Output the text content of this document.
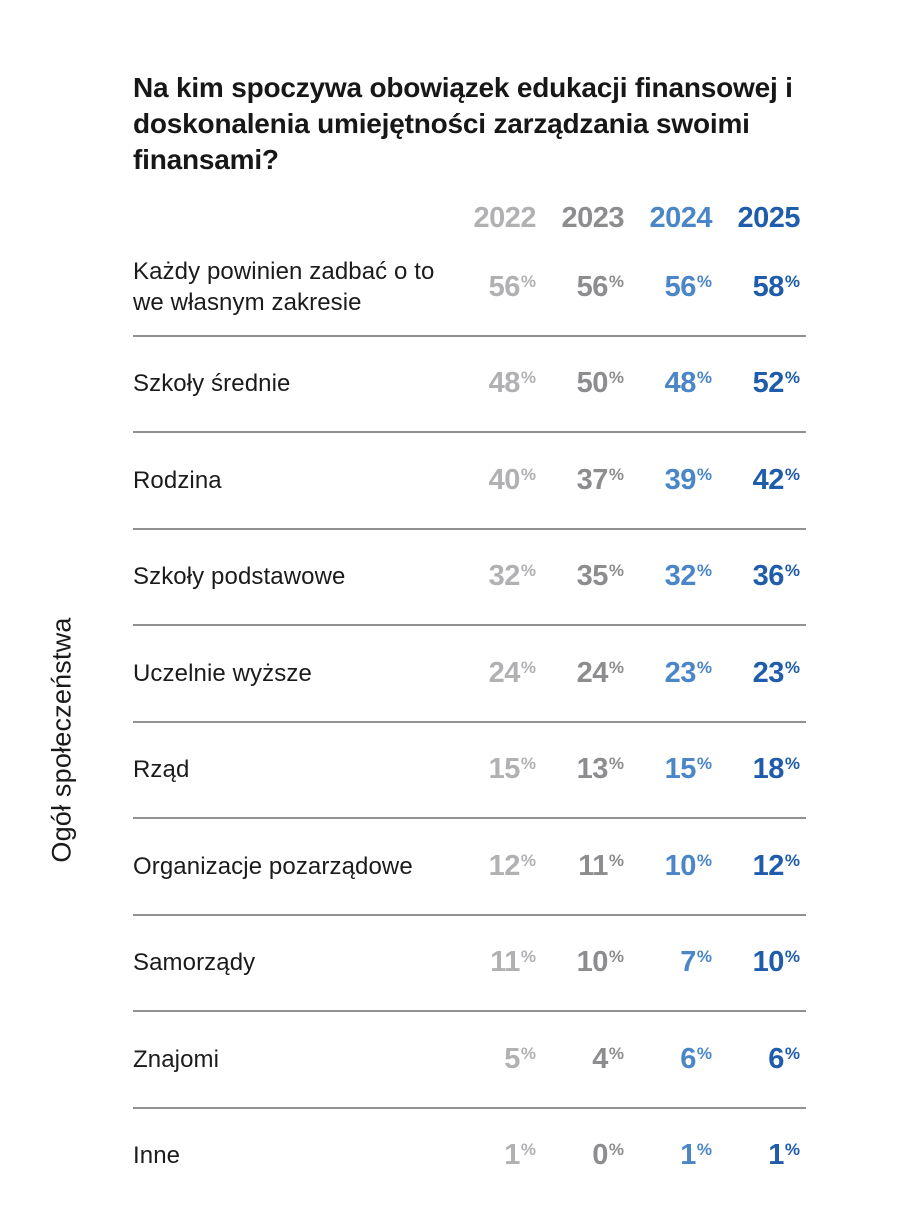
Ogół społeczeństwa
Na kim spoczywa obowiązek edukacji finansowej i doskonalenia umiejętności zarządzania swoimi finansami?
2022 2023 2024 2025
Każdy powinien zadbać o to we własnym zakresie	56%	56%	56%	58%
Szkoły średnie	48%	50%	48%	52%
Rodzina	40%	37%	39%	42%
Szkoły podstawowe	32%	35%	32%	36%
Uczelnie wyższe	24%	24%	23%	23%
Rząd	15%	13%	15%	18%
Organizacje pozarządowe	12%	11%	10%	12%
Samorządy	11%	10%	7%	10%
Znajomi	5%	4%	6%	6%
Inne	1%	0%	1%	1%
